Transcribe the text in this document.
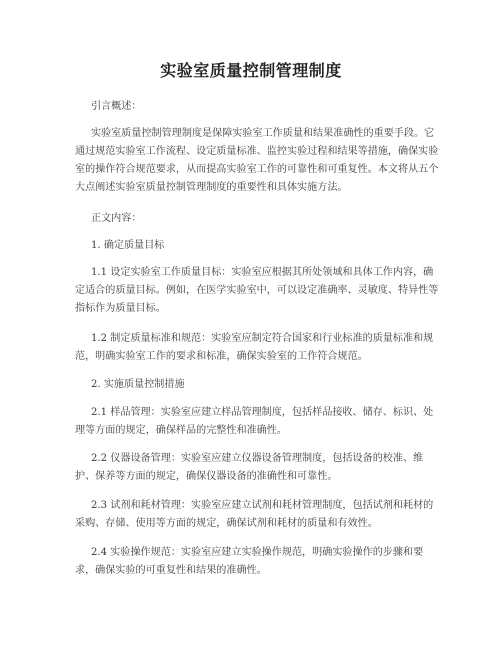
实验室质量控制管理制度
引言概述：
实验室质量控制管理制度是保障实验室工作质量和结果准确性的重要手段。它
通过规范实验室工作流程、设定质量标准、监控实验过程和结果等措施，确保实验
室的操作符合规范要求，从而提高实验室工作的可靠性和可重复性。本文将从五个
大点阐述实验室质量控制管理制度的重要性和具体实施方法。
正文内容：
1. 确定质量目标
1.1 设定实验室工作质量目标：实验室应根据其所处领域和具体工作内容，确
定适合的质量目标。例如，在医学实验室中，可以设定准确率、灵敏度、特异性等
指标作为质量目标。
1.2 制定质量标准和规范：实验室应制定符合国家和行业标准的质量标准和规
范，明确实验室工作的要求和标准，确保实验室的工作符合规范。
2. 实施质量控制措施
2.1 样品管理：实验室应建立样品管理制度，包括样品接收、储存、标识、处
理等方面的规定，确保样品的完整性和准确性。
2.2 仪器设备管理：实验室应建立仪器设备管理制度，包括设备的校准、维
护、保养等方面的规定，确保仪器设备的准确性和可靠性。
2.3 试剂和耗材管理：实验室应建立试剂和耗材管理制度，包括试剂和耗材的
采购、存储、使用等方面的规定，确保试剂和耗材的质量和有效性。
2.4 实验操作规范：实验室应建立实验操作规范，明确实验操作的步骤和要
求，确保实验的可重复性和结果的准确性。
